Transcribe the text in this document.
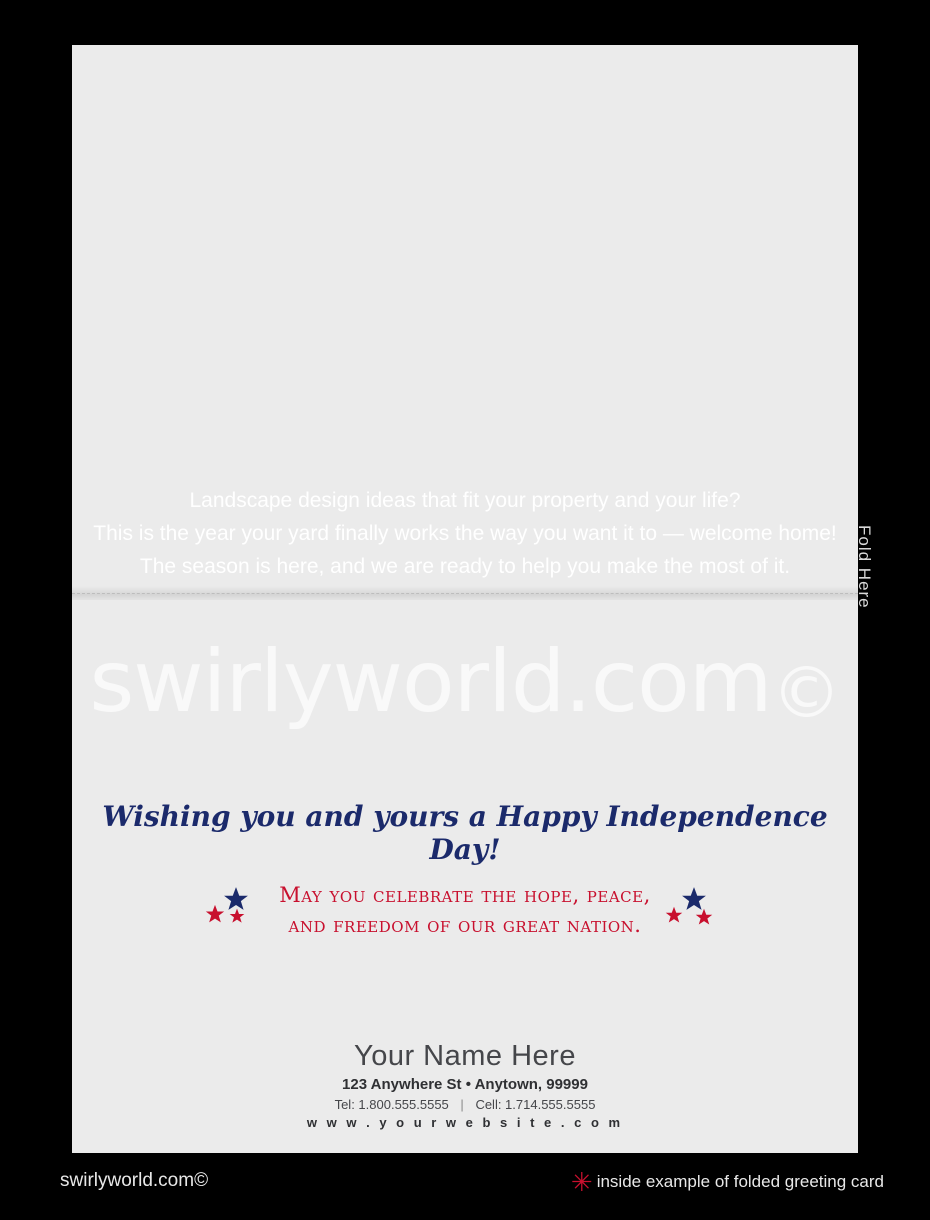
Wishing you and yours a Happy Independence Day!
May you celebrate the hope, peace,
and freedom of our great nation.
Your Name Here
123 Anywhere St • Anytown, 99999
Tel: 1.800.555.5555 | Cell: 1.714.555.5555
w w w . y o u r w e b s i t e . c o m
Landscape design ideas that fit your property and your life?
This is the year your yard finally works the way you want it to — welcome home!
The season is here, and we are ready to help you make the most of it.
swirlyworld.com©
Fold Here
swirlyworld.com©	✳ inside example of folded greeting card
